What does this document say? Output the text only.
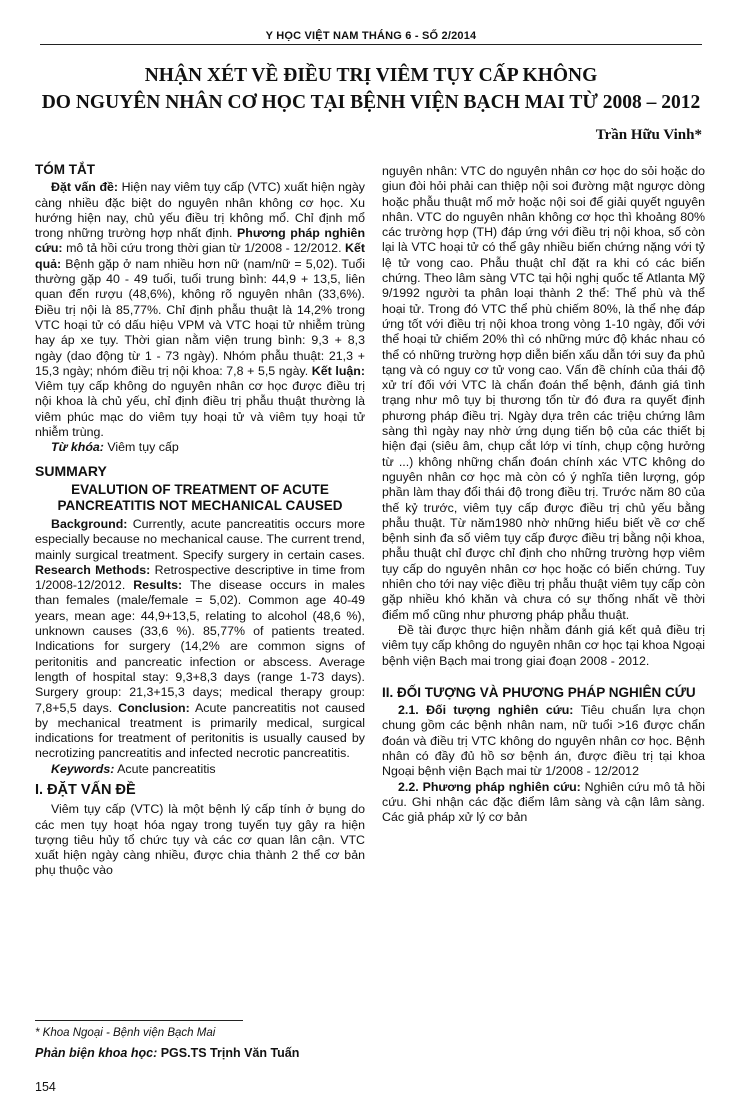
Y HỌC VIỆT NAM THÁNG 6 - SỐ 2/2014
NHẬN XÉT VỀ ĐIỀU TRỊ VIÊM TỤY CẤP KHÔNG
DO NGUYÊN NHÂN CƠ HỌC TẠI BỆNH VIỆN BẠCH MAI TỪ 2008 – 2012
Trần Hữu Vinh*
TÓM TẮT

Đặt vấn đề: Hiện nay viêm tụy cấp (VTC) xuất hiện ngày càng nhiều đặc biệt do nguyên nhân không cơ học. Xu hướng hiện nay, chủ yếu điều trị không mổ. Chỉ định mổ trong những trường hợp nhất định. Phương pháp nghiên cứu: mô tả hồi cứu trong thời gian từ 1/2008 - 12/2012. Kết quả: Bệnh gặp ở nam nhiều hơn nữ (nam/nữ = 5,02). Tuổi thường gặp 40 - 49 tuổi, tuổi trung bình: 44,9 + 13,5, liên quan đến rượu (48,6%), không rõ nguyên nhân (33,6%). Điều trị nội là 85,77%. Chỉ định phẫu thuật là 14,2% trong VTC hoại tử có dấu hiệu VPM và VTC hoại tử nhiễm trùng hay áp xe tụy. Thời gian nằm viện trung bình: 9,3 + 8,3 ngày (dao động từ 1 - 73 ngày). Nhóm phẫu thuật: 21,3 + 15,3 ngày; nhóm điều trị nội khoa: 7,8 + 5,5 ngày. Kết luận: Viêm tụy cấp không do nguyên nhân cơ học được điều trị nội khoa là chủ yếu, chỉ định điều trị phẫu thuật thường là viêm phúc mạc do viêm tụy hoại tử và viêm tụy hoại tử nhiễm trùng.

Từ khóa: Viêm tụy cấp

SUMMARY
EVALUTION OF TREATMENT OF ACUTE
PANCREATITIS NOT MECHANICAL CAUSED

Background: Currently, acute pancreatitis occurs more especially because no mechanical cause. The current trend, mainly surgical treatment. Specify surgery in certain cases. Research Methods: Retrospective descriptive in time from 1/2008-12/2012. Results: The disease occurs in males than females (male/female = 5,02). Common age 40-49 years, mean age: 44,9+13,5, relating to alcohol (48,6 %), unknown causes (33,6 %). 85,77% of patients treated. Indications for surgery (14,2% are common signs of peritonitis and pancreatic infection or abscess. Average length of hospital stay: 9,3+8,3 days (range 1-73 days). Surgery group: 21,3+15,3 days; medical therapy group: 7,8+5,5 days. Conclusion: Acute pancreatitis not caused by mechanical treatment is primarily medical, surgical indications for treatment of peritonitis is usually caused by necrotizing pancreatitis and infected necrotic pancreatitis.

Keywords: Acute pancreatitis

I. ĐẶT VẤN ĐỀ

Viêm tụy cấp (VTC) là một bệnh lý cấp tính ở bụng do các men tụy hoạt hóa ngay trong tuyến tụy gây ra hiện tượng tiêu hủy tổ chức tụy và các cơ quan lân cận. VTC xuất hiện ngày càng nhiều, được chia thành 2 thể cơ bản phụ thuộc vào

nguyên nhân: VTC do nguyên nhân cơ học do sỏi hoặc do giun đòi hỏi phải can thiệp nội soi đường mật ngược dòng hoặc phẫu thuật mổ mở hoặc nội soi để giải quyết nguyên nhân. VTC do nguyên nhân không cơ học thì khoảng 80% các trường hợp (TH) đáp ứng với điều trị nội khoa, số còn lại là VTC hoại tử có thể gây nhiều biến chứng nặng với tỷ lệ tử vong cao. Phẫu thuật chỉ đặt ra khi có các biến chứng. Theo lâm sàng VTC tại hội nghị quốc tế Atlanta Mỹ 9/1992 người ta phân loại thành 2 thể: Thể phù và thể hoại tử. Trong đó VTC thể phù chiếm 80%, là thể nhẹ đáp ứng tốt với điều trị nội khoa trong vòng 1-10 ngày, đối với thể hoại tử chiếm 20% thì có những mức độ khác nhau có thể có những trường hợp diễn biến xấu dẫn tới suy đa phủ tạng và có nguy cơ tử vong cao. Vấn đề chính của thái độ xử trí đối với VTC là chẩn đoán thể bệnh, đánh giá tình trạng như mô tụy bị thương tổn từ đó đưa ra quyết định phương pháp điều trị. Ngày dựa trên các triệu chứng lâm sàng thì ngày nay nhờ ứng dụng tiến bộ của các thiết bị hiện đại (siêu âm, chụp cắt lớp vi tính, chụp cộng hưởng từ ...) không những chẩn đoán chính xác VTC không do nguyên nhân cơ học mà còn có ý nghĩa tiên lượng, góp phần làm thay đổi thái độ trong điều trị. Trước năm 80 của thế kỷ trước, viêm tụy cấp được điều trị chủ yếu bằng phẫu thuật. Từ năm1980 nhờ những hiểu biết về cơ chế bệnh sinh đa số viêm tụy cấp được điều trị bằng nội khoa, phẫu thuật chỉ được chỉ định cho những trường hợp viêm tụy cấp do nguyên nhân cơ học hoặc có biến chứng. Tuy nhiên cho tới nay việc điều trị phẫu thuật viêm tụy cấp còn gặp nhiều khó khăn và chưa có sự thống nhất về thời điểm mổ cũng như phương pháp phẫu thuật.

Đề tài được thực hiện nhằm đánh giá kết quả điều trị viêm tụy cấp không do nguyên nhân cơ học tại khoa Ngoại bệnh viện Bạch mai trong giai đoạn 2008 - 2012.

II. ĐỐI TƯỢNG VÀ PHƯƠNG PHÁP NGHIÊN CỨU

2.1. Đối tượng nghiên cứu: Tiêu chuẩn lựa chọn chung gồm các bệnh nhân nam, nữ tuổi >16 được chẩn đoán và điều trị VTC không do nguyên nhân cơ học. Bệnh nhân có đầy đủ hồ sơ bệnh án, được điều trị tại khoa Ngoại bệnh viện Bạch mai từ 1/2008 - 12/2012

2.2. Phương pháp nghiên cứu: Nghiên cứu mô tả hồi cứu. Ghi nhận các đặc điểm lâm sàng và cận lâm sàng. Các giả pháp xử lý cơ bản

* Khoa Ngoại - Bệnh viện Bạch Mai
Phản biện khoa học: PGS.TS Trịnh Văn Tuấn
154
